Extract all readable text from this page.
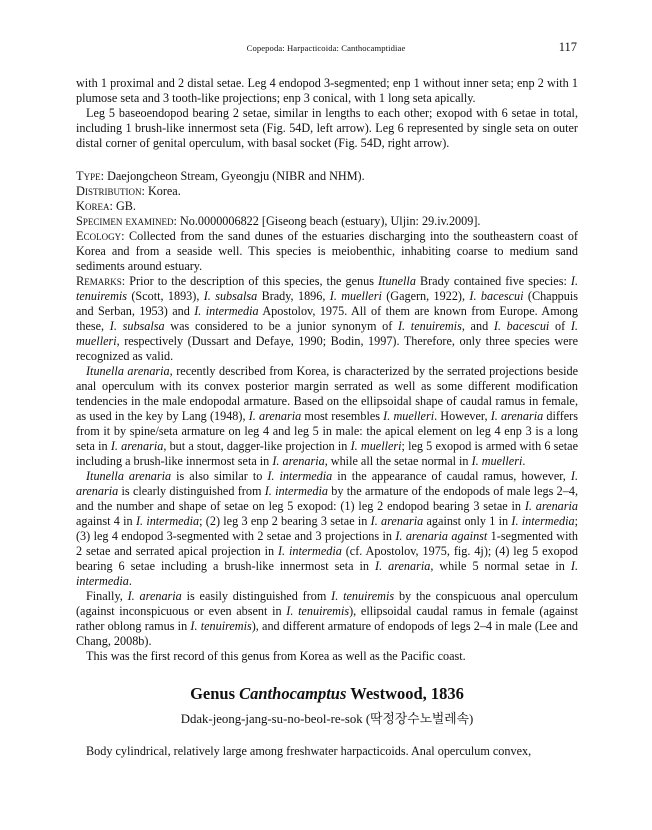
Copepoda: Harpacticoida: Canthocamptidiae	117

with 1 proximal and 2 distal setae. Leg 4 endopod 3-segmented; enp 1 without inner seta; enp 2 with 1 plumose seta and 3 tooth-like projections; enp 3 conical, with 1 long seta apically.

Leg 5 baseoendopod bearing 2 setae, similar in lengths to each other; exopod with 6 setae in total, including 1 brush-like innermost seta (Fig. 54D, left arrow). Leg 6 represented by single seta on outer distal corner of genital operculum, with basal socket (Fig. 54D, right arrow).

Type: Daejongcheon Stream, Gyeongju (NIBR and NHM).

Distribution: Korea.

Korea: GB.

Specimen examined: No.0000006822 [Giseong beach (estuary), Uljin: 29.iv.2009].

Ecology: Collected from the sand dunes of the estuaries discharging into the southeastern coast of Korea and from a seaside well. This species is meiobenthic, inhabiting coarse to medium sand sediments around estuary.

Remarks: Prior to the description of this species, the genus Itunella Brady contained five species: I. tenuiremis (Scott, 1893), I. subsalsa Brady, 1896, I. muelleri (Gagern, 1922), I. bacescui (Chappuis and Serban, 1953) and I. intermedia Apostolov, 1975. All of them are known from Europe. Among these, I. subsalsa was considered to be a junior synonym of I. tenuiremis, and I. bacescui of I. muelleri, respectively (Dussart and Defaye, 1990; Bodin, 1997). Therefore, only three species were recognized as valid.

Itunella arenaria, recently described from Korea, is characterized by the serrated projections beside anal operculum with its convex posterior margin serrated as well as some different modification tendencies in the male endopodal armature. Based on the ellipsoidal shape of caudal ramus in female, as used in the key by Lang (1948), I. arenaria most resembles I. muelleri. However, I. arenaria differs from it by spine/seta armature on leg 4 and leg 5 in male: the apical element on leg 4 enp 3 is a long seta in I. arenaria, but a stout, dagger-like projection in I. muelleri; leg 5 exopod is armed with 6 setae including a brush-like innermost seta in I. arenaria, while all the setae normal in I. muelleri.

Itunella arenaria is also similar to I. intermedia in the appearance of caudal ramus, however, I. arenaria is clearly distinguished from I. intermedia by the armature of the endopods of male legs 2–4, and the number and shape of setae on leg 5 exopod: (1) leg 2 endopod bearing 3 setae in I. arenaria against 4 in I. intermedia; (2) leg 3 enp 2 bearing 3 setae in I. arenaria against only 1 in I. intermedia; (3) leg 4 endopod 3-segmented with 2 setae and 3 projections in I. arenaria against 1-segmented with 2 setae and serrated apical projection in I. intermedia (cf. Apostolov, 1975, fig. 4j); (4) leg 5 exopod bearing 6 setae including a brush-like innermost seta in I. arenaria, while 5 normal setae in I. intermedia.

Finally, I. arenaria is easily distinguished from I. tenuiremis by the conspicuous anal operculum (against inconspicuous or even absent in I. tenuiremis), ellipsoidal caudal ramus in female (against rather oblong ramus in I. tenuiremis), and different armature of endopods of legs 2–4 in male (Lee and Chang, 2008b).

This was the first record of this genus from Korea as well as the Pacific coast.

Genus Canthocamptus Westwood, 1836
Ddak-jeong-jang-su-no-beol-re-sok (딱정장수노벌레속)

Body cylindrical, relatively large among freshwater harpacticoids. Anal operculum convex,
